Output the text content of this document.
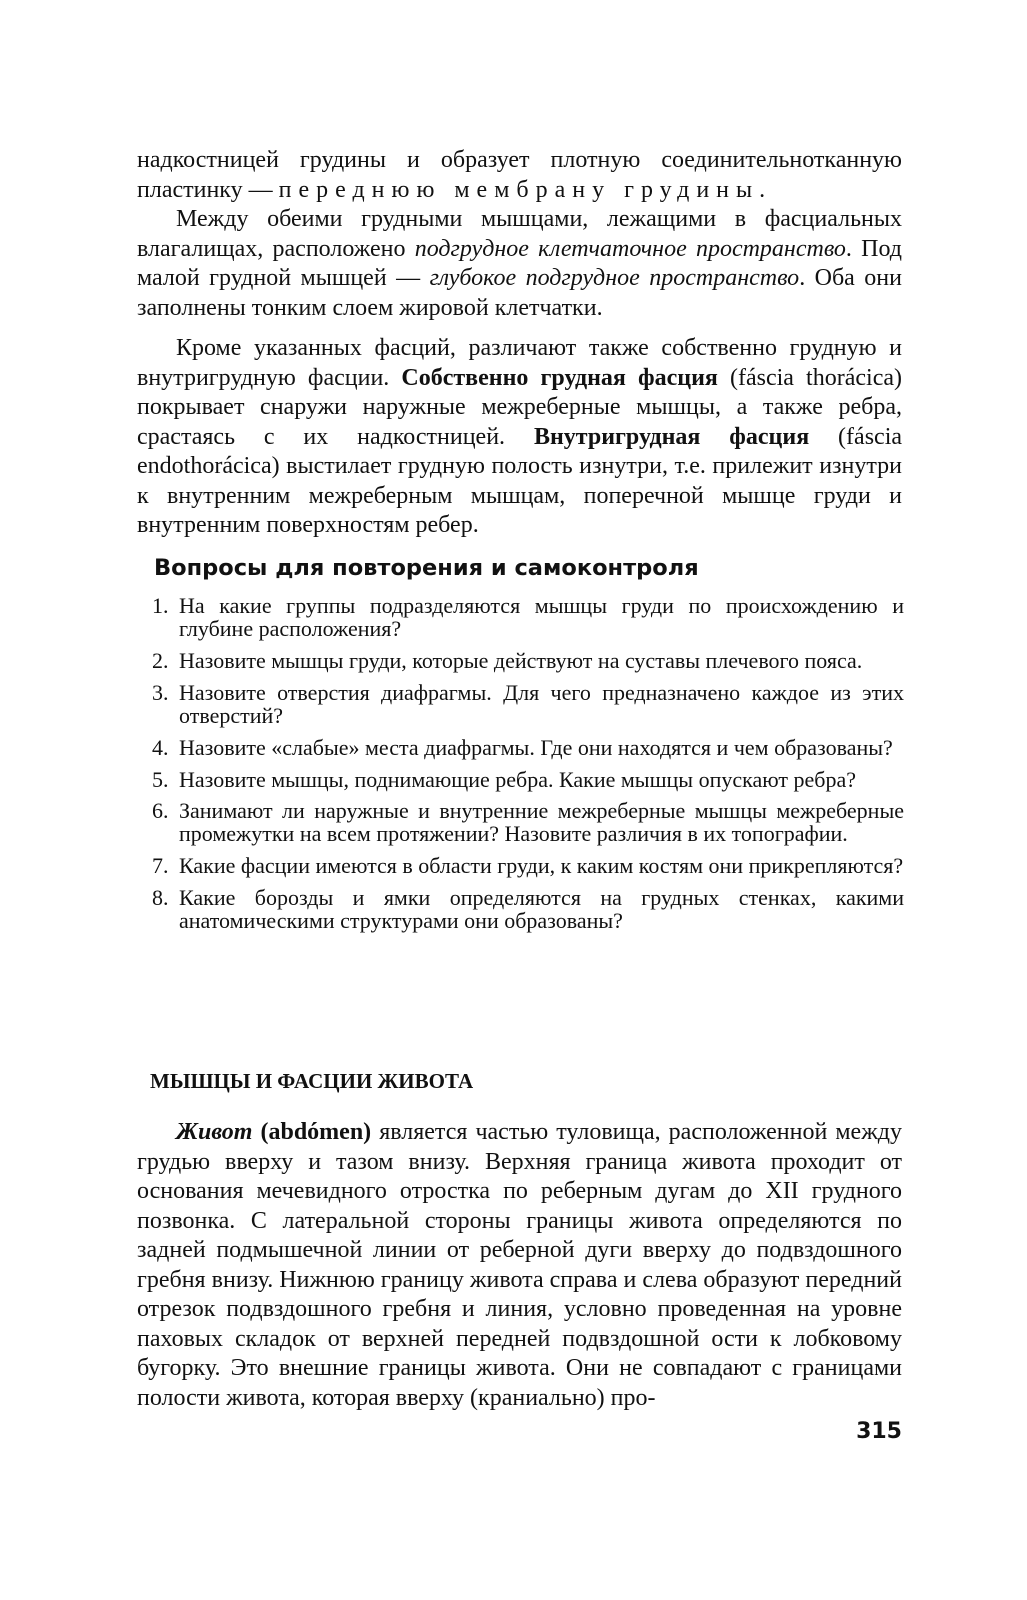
надкостницей грудины и образует плотную соединительнотканную пластинку — переднюю мембрану грудины.

Между обеими грудными мышцами, лежащими в фасциальных влагалищах, расположено подгрудное клетчаточное пространство. Под малой грудной мышцей — глубокое подгрудное пространство. Оба они заполнены тонким слоем жировой клетчатки.

Кроме указанных фасций, различают также собственно грудную и внутригрудную фасции. Собственно грудная фасция (fáscia thorácica) покрывает снаружи наружные межреберные мышцы, а также ребра, срастаясь с их надкостницей. Внутригрудная фасция (fáscia endothorácica) выстилает грудную полость изнутри, т.е. прилежит изнутри к внутренним межреберным мышцам, поперечной мышце груди и внутренним поверхностям ребер.

Вопросы для повторения и самоконтроля
1. На какие группы подразделяются мышцы груди по происхождению и глубине расположения?
2. Назовите мышцы груди, которые действуют на суставы плечевого пояса.
3. Назовите отверстия диафрагмы. Для чего предназначено каждое из этих отверстий?
4. Назовите «слабые» места диафрагмы. Где они находятся и чем образованы?
5. Назовите мышцы, поднимающие ребра. Какие мышцы опускают ребра?
6. Занимают ли наружные и внутренние межреберные мышцы межреберные промежутки на всем протяжении? Назовите различия в их топографии.
7. Какие фасции имеются в области груди, к каким костям они прикрепляются?
8. Какие борозды и ямки определяются на грудных стенках, какими анатомическими структурами они образованы?
МЫШЦЫ И ФАСЦИИ ЖИВОТА

Живот (abdómen) является частью туловища, расположенной между грудью вверху и тазом внизу. Верхняя граница живота проходит от основания мечевидного отростка по реберным дугам до XII грудного позвонка. С латеральной стороны границы живота определяются по задней подмышечной линии от реберной дуги вверху до подвздошного гребня внизу. Нижнюю границу живота справа и слева образуют передний отрезок подвздошного гребня и линия, условно проведенная на уровне паховых складок от верхней передней подвздошной ости к лобковому бугорку. Это внешние границы живота. Они не совпадают с границами полости живота, которая вверху (краниально) про-

315
